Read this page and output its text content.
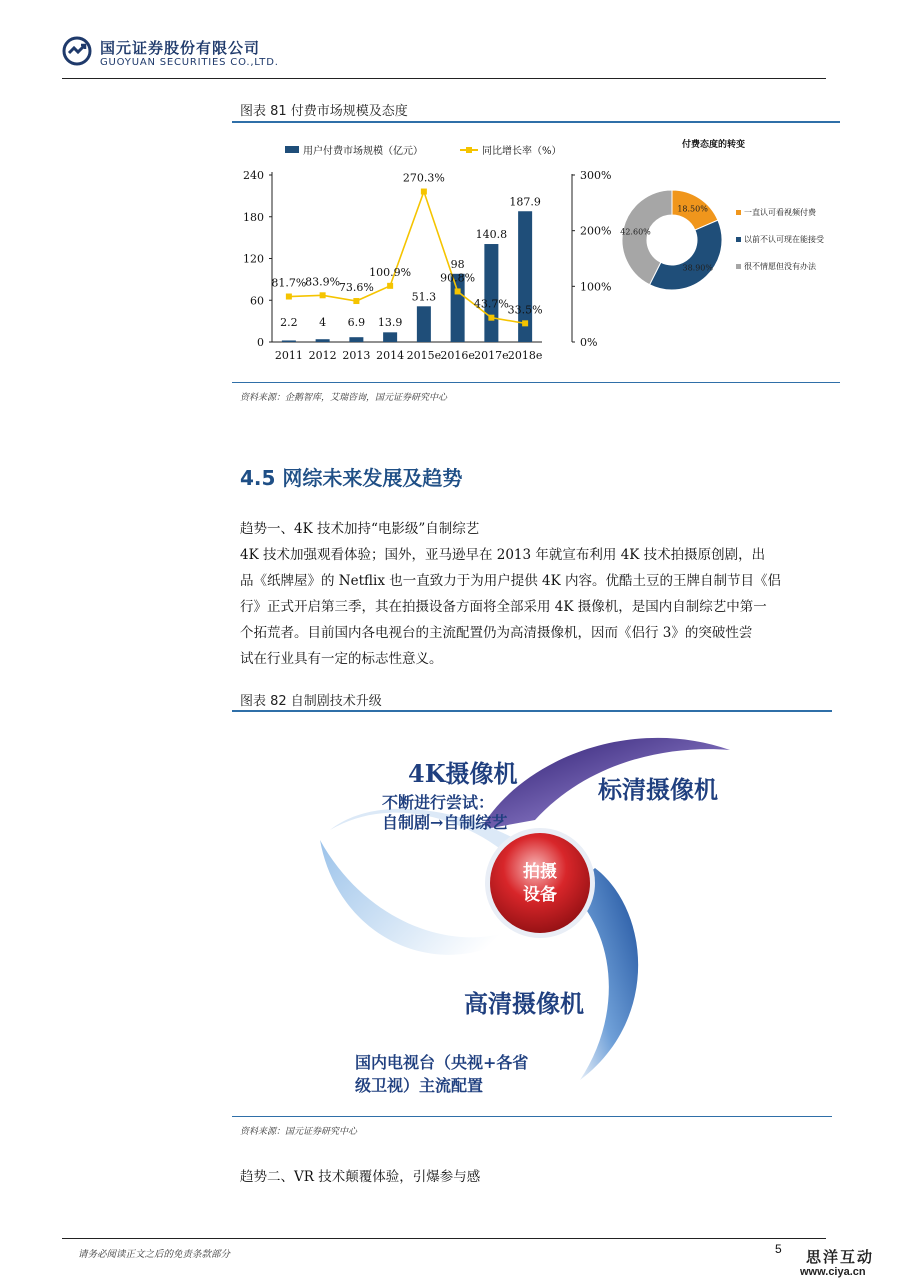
国元证券股份有限公司
GUOYUAN SECURITIES CO.,LTD.
图表 81 付费市场规模及态度
用户付费市场规模（亿元）	同比增长率（%）
0
60
120
180
240
0%
100%
200%
300%
2.2 4 6.9 13.9
51.3
98
140.8
187.9
2011 2012 2013 2014 2015e 2016e 2017e 2018e
81.7%
83.9%
73.6%
100.9%
270.3%
90.8%
43.7%
33.5%
付费态度的转变
18.50%
38.90%
42.60%
一直认可看视频付费
以前不认可现在能接受
很不情愿但没有办法
资料来源：企鹅智库，艾瑞咨询，国元证券研究中心
4.5 网综未来发展及趋势
趋势一、4K 技术加持“电影级”自制综艺
4K 技术加强观看体验；国外，亚马逊早在 2013 年就宣布利用 4K 技术拍摄原创剧，出
品《纸牌屋》的 Netflix 也一直致力于为用户提供 4K 内容。优酷土豆的王牌自制节目《侣
行》正式开启第三季，其在拍摄设备方面将全部采用 4K 摄像机，是国内自制综艺中第一
个拓荒者。目前国内各电视台的主流配置仍为高清摄像机，因而《侣行 3》的突破性尝
试在行业具有一定的标志性意义。
图表 82 自制剧技术升级
拍摄
设备
4K摄像机
不断进行尝试：
自制剧→自制综艺
标清摄像机
高清摄像机
国内电视台（央视+各省
级卫视）主流配置
资料来源：国元证券研究中心
趋势二、VR 技术颠覆体验，引爆参与感
请务必阅读正文之后的免责条款部分	5 思洋互动
www.ciya.cn
